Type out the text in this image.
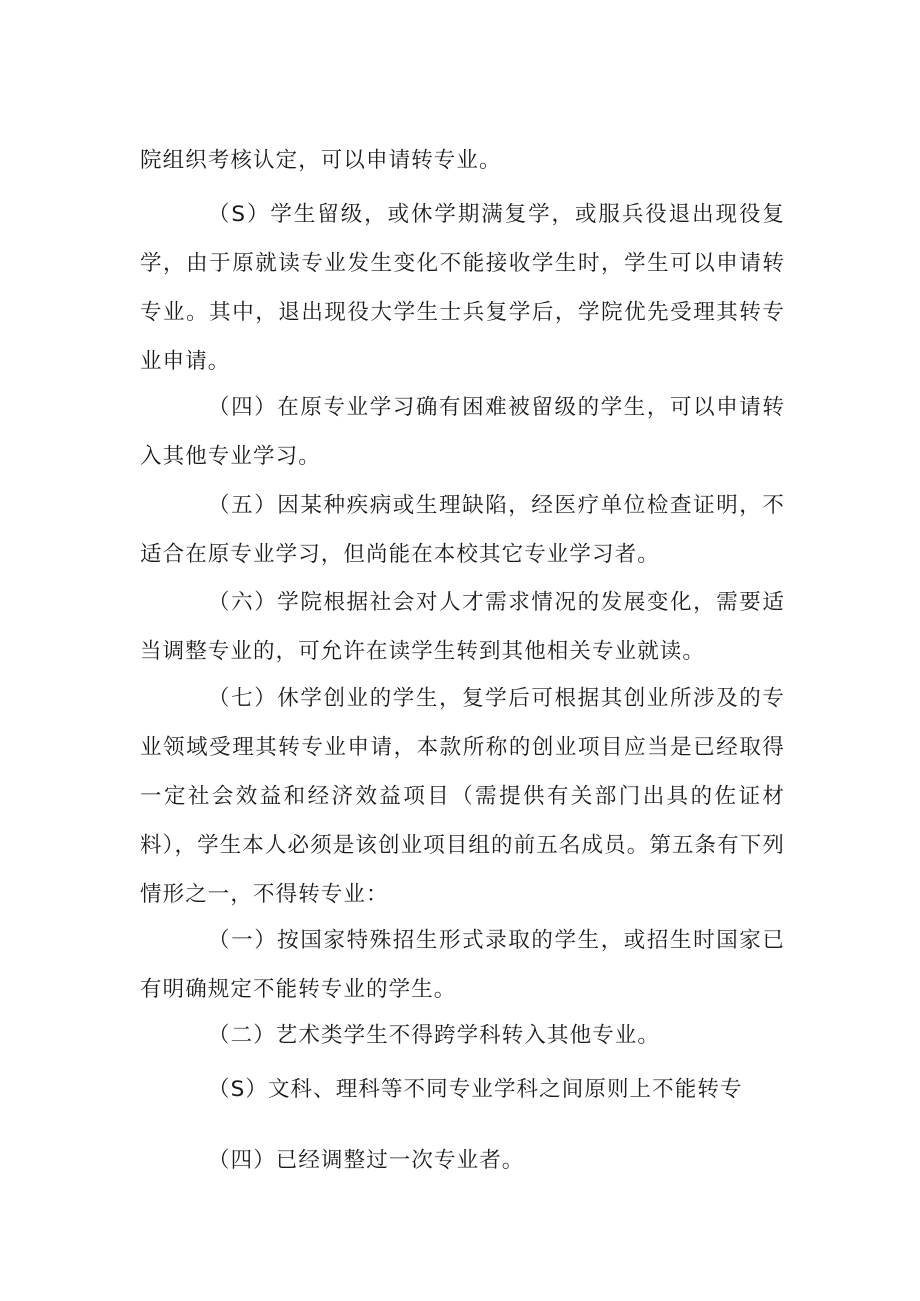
院组织考核认定，可以申请转专业。

（S）学生留级，或休学期满复学，或服兵役退出现役复学，由于原就读专业发生变化不能接收学生时，学生可以申请转专业。其中，退出现役大学生士兵复学后，学院优先受理其转专业申请。

（四）在原专业学习确有困难被留级的学生，可以申请转入其他专业学习。

（五）因某种疾病或生理缺陷，经医疗单位检查证明，不适合在原专业学习，但尚能在本校其它专业学习者。

（六）学院根据社会对人才需求情况的发展变化，需要适当调整专业的，可允许在读学生转到其他相关专业就读。

（七）休学创业的学生，复学后可根据其创业所涉及的专业领域受理其转专业申请，本款所称的创业项目应当是已经取得一定社会效益和经济效益项目（需提供有关部门出具的佐证材料），学生本人必须是该创业项目组的前五名成员。第五条有下列情形之一，不得转专业：

（一）按国家特殊招生形式录取的学生，或招生时国家已有明确规定不能转专业的学生。

（二）艺术类学生不得跨学科转入其他专业。

（S）文科、理科等不同专业学科之间原则上不能转专

（四）已经调整过一次专业者。
